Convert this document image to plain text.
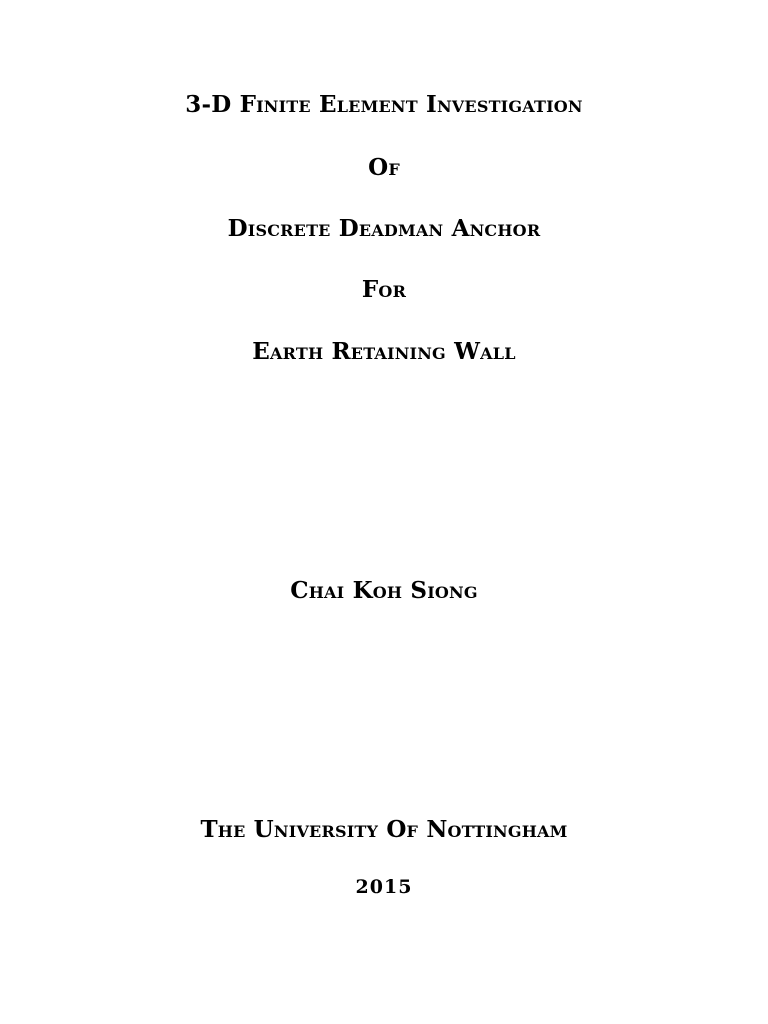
3-D Finite Element Investigation
Of
Discrete Deadman Anchor
For
Earth Retaining Wall
Chai Koh Siong
The University Of Nottingham
2015
